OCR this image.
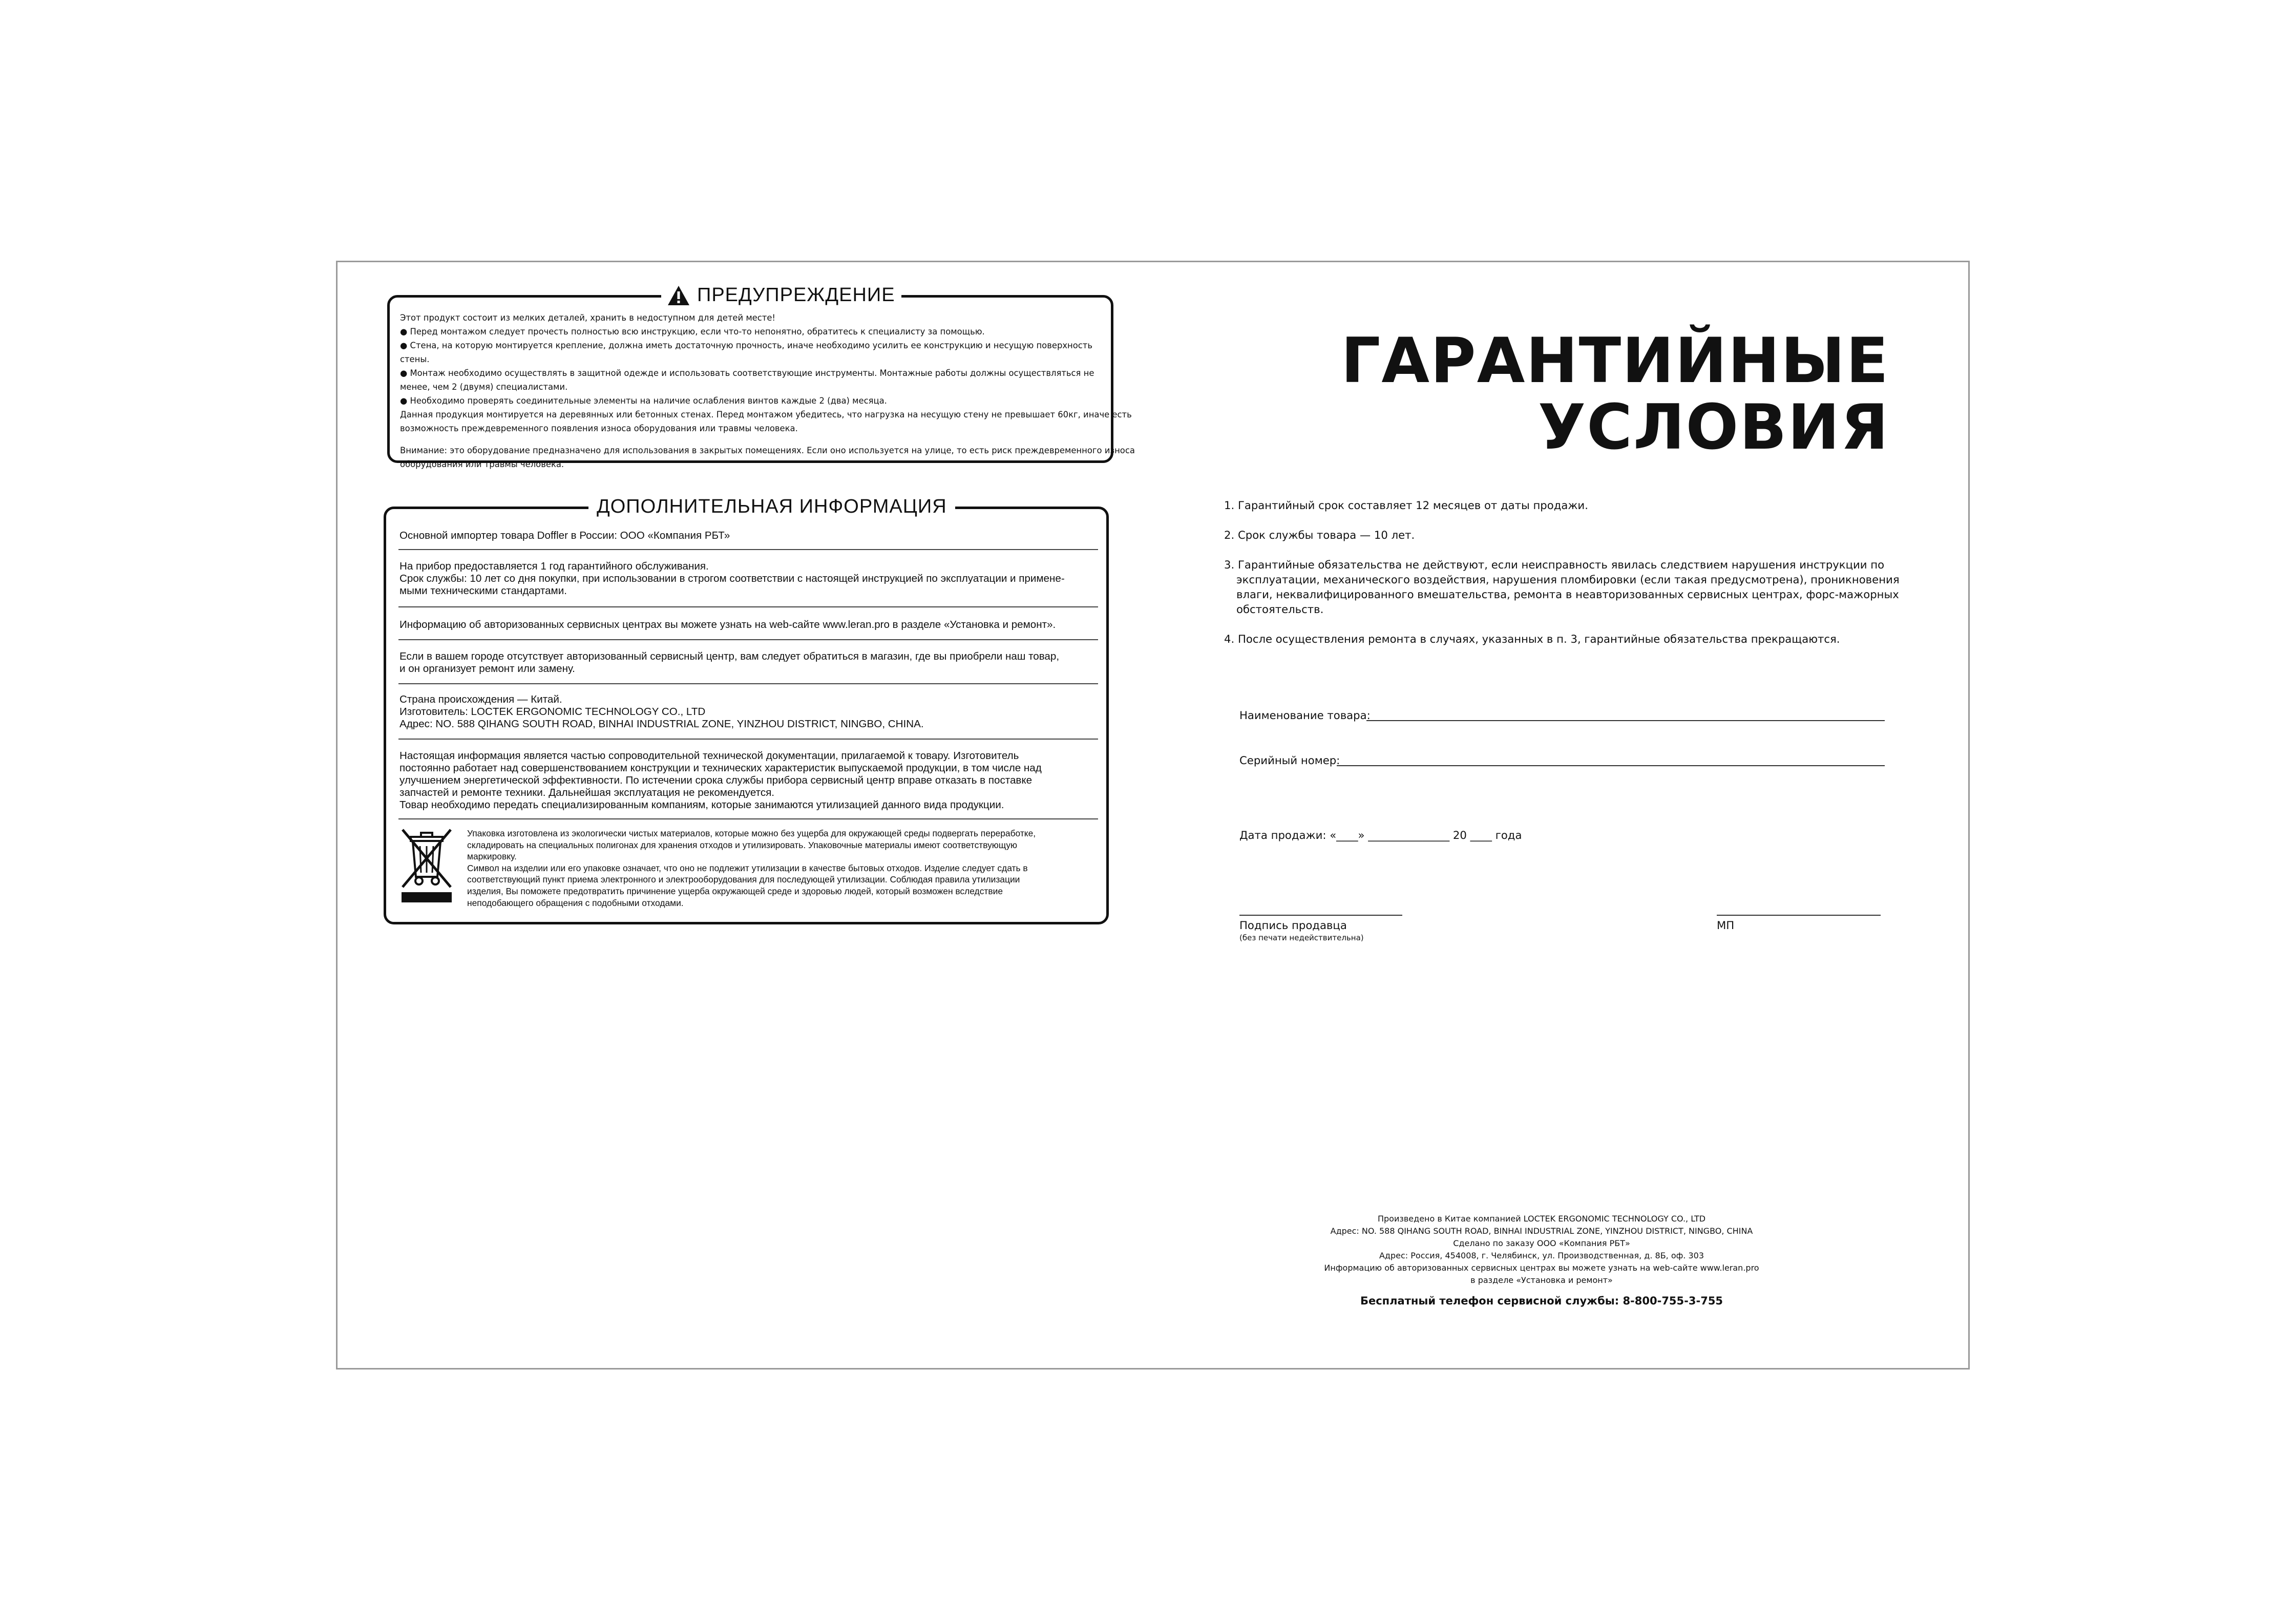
ПРЕДУПРЕЖДЕНИЕ

Этот продукт состоит из мелких деталей, хранить в недоступном для детей месте!

● Перед монтажом следует прочесть полностью всю инструкцию, если что-то непонятно, обратитесь к специалисту за помощью.

● Стена, на которую монтируется крепление, должна иметь достаточную прочность, иначе необходимо усилить ее конструкцию и несущую поверхность

стены.

● Монтаж необходимо осуществлять в защитной одежде и использовать соответствующие инструменты. Монтажные работы должны осуществляться не

менее, чем 2 (двумя) специалистами.

● Необходимо проверять соединительные элементы на наличие ослабления винтов каждые 2 (два) месяца.

Данная продукция монтируется на деревянных или бетонных стенах. Перед монтажом убедитесь, что нагрузка на несущую стену не превышает 60кг, иначе есть

возможность преждевременного появления износа оборудования или травмы человека.

Внимание: это оборудование предназначено для использования в закрытых помещениях. Если оно используется на улице, то есть риск преждевременного износа

оборудования или травмы человека.

ДОПОЛНИТЕЛЬНАЯ ИНФОРМАЦИЯ

Основной импортер товара Doffler в России: ООО «Компания РБТ»

На прибор предоставляется 1 год гарантийного обслуживания.

Срок службы: 10 лет со дня покупки, при использовании в строгом соответствии с настоящей инструкцией по эксплуатации и примене-

мыми техническими стандартами.

Информацию об авторизованных сервисных центрах вы можете узнать на web-сайте www.leran.pro в разделе «Установка и ремонт».

Если в вашем городе отсутствует авторизованный сервисный центр, вам следует обратиться в магазин, где вы приобрели наш товар,

и он организует ремонт или замену.

Страна происхождения — Китай.

Изготовитель: LOCTEK ERGONOMIC TECHNOLOGY CO., LTD

Адрес: NO. 588 QIHANG SOUTH ROAD, BINHAI INDUSTRIAL ZONE, YINZHOU DISTRICT, NINGBO, CHINA.

Настоящая информация является частью сопроводительной технической документации, прилагаемой к товару. Изготовитель

постоянно работает над совершенствованием конструкции и технических характеристик выпускаемой продукции, в том числе над

улучшением энергетической эффективности. По истечении срока службы прибора сервисный центр вправе отказать в поставке

запчастей и ремонте техники. Дальнейшая эксплуатация не рекомендуется.

Товар необходимо передать специализированным компаниям, которые занимаются утилизацией данного вида продукции.

Упаковка изготовлена из экологически чистых материалов, которые можно без ущерба для окружающей среды подвергать переработке,

складировать на специальных полигонах для хранения отходов и утилизировать. Упаковочные материалы имеют соответствующую

маркировку.

Символ на изделии или его упаковке означает, что оно не подлежит утилизации в качестве бытовых отходов. Изделие следует сдать в

соответствующий пункт приема электронного и электрооборудования для последующей утилизации. Соблюдая правила утилизации

изделия, Вы поможете предотвратить причинение ущерба окружающей среде и здоровью людей, который возможен вследствие

неподобающего обращения с подобными отходами.

ГАРАНТИЙНЫЕ
УСЛОВИЯ

1. Гарантийный срок составляет 12 месяцев от даты продажи.

2. Срок службы товара — 10 лет.

3. Гарантийные обязательства не действуют, если неисправность явилась следствием нарушения инструкции по

эксплуатации, механического воздействия, нарушения пломбировки (если такая предусмотрена), проникновения

влаги, неквалифицированного вмешательства, ремонта в неавторизованных сервисных центрах, форс-мажорных

обстоятельств.

4. После осуществления ремонта в случаях, указанных в п. 3, гарантийные обязательства прекращаются.

Наименование товара:
Серийный номер:
Дата продажи: «____» _______________ 20 ____ года
Подпись продавца
(без печати недействительна)
МП

Произведено в Китае компанией LOCTEK ERGONOMIC TECHNOLOGY CO., LTD

Адрес: NO. 588 QIHANG SOUTH ROAD, BINHAI INDUSTRIAL ZONE, YINZHOU DISTRICT, NINGBO, CHINA

Сделано по заказу ООО «Компания РБТ»

Адрес: Россия, 454008, г. Челябинск, ул. Производственная, д. 8Б, оф. 303

Информацию об авторизованных сервисных центрах вы можете узнать на web-сайте www.leran.pro

в разделе «Установка и ремонт»

Бесплатный телефон сервисной службы: 8-800-755-3-755
